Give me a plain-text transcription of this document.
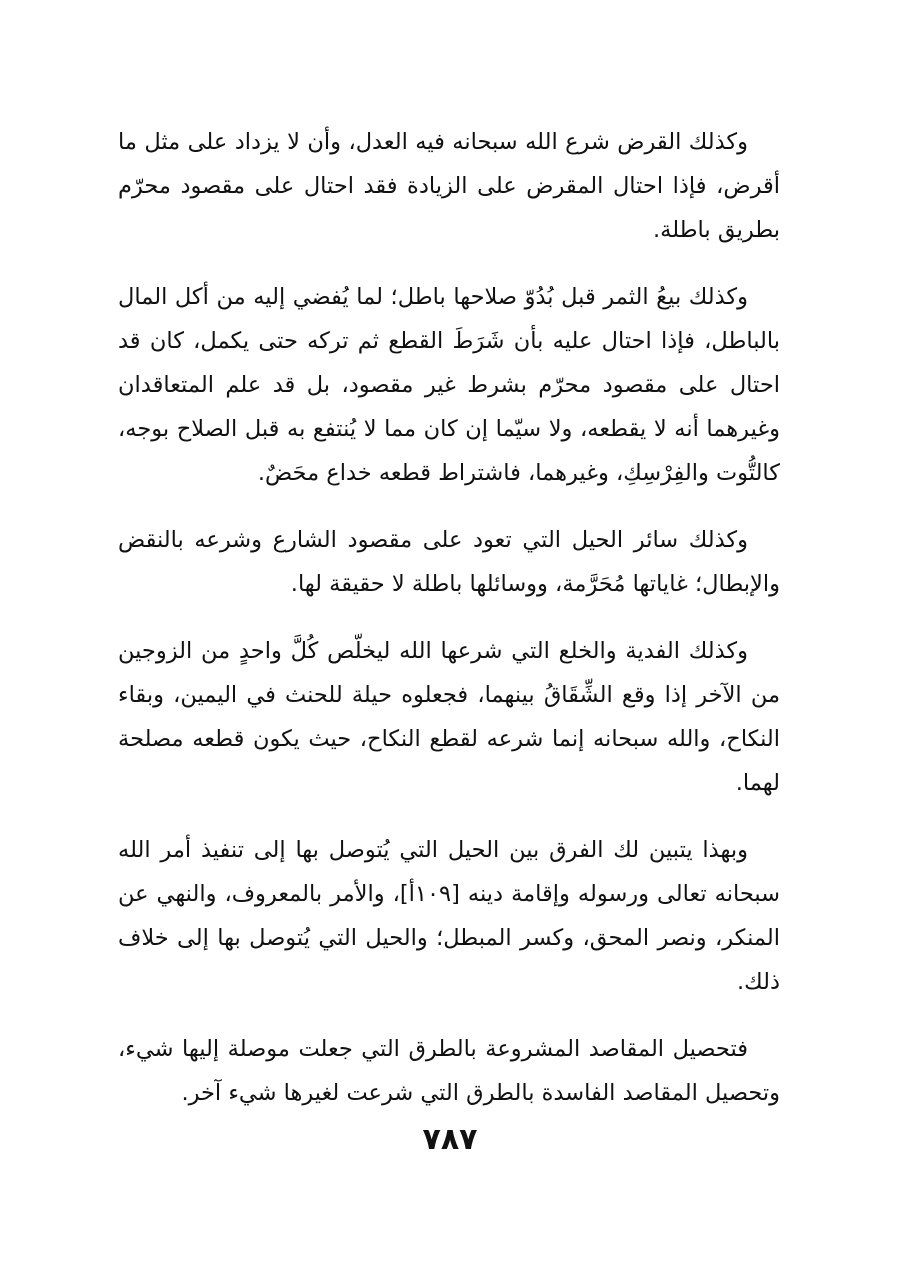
وكذلك القرض شرع الله سبحانه فيه العدل، وأن لا يزداد على مثل ما أقرض، فإذا احتال المقرض على الزيادة فقد احتال على مقصود محرّم بطريق باطلة.

وكذلك بيعُ الثمر قبل بُدُوّ صلاحها باطل؛ لما يُفضي إليه من أكل المال بالباطل، فإذا احتال عليه بأن شَرَطَ القطع ثم تركه حتى يكمل، كان قد احتال على مقصود محرّم بشرط غير مقصود، بل قد علم المتعاقدان وغيرهما أنه لا يقطعه، ولا سيّما إن كان مما لا يُنتفع به قبل الصلاح بوجه، كالتُّوت والفِرْسِكِ، وغيرهما، فاشتراط قطعه خداع محَضٌ.

وكذلك سائر الحيل التي تعود على مقصود الشارع وشرعه بالنقض والإبطال؛ غاياتها مُحَرَّمة، ووسائلها باطلة لا حقيقة لها.

وكذلك الفدية والخلع التي شرعها الله ليخلّص كُلَّ واحدٍ من الزوجين من الآخر إذا وقع الشِّقَاقُ بينهما، فجعلوه حيلة للحنث في اليمين، وبقاء النكاح، والله سبحانه إنما شرعه لقطع النكاح، حيث يكون قطعه مصلحة لهما.

وبهذا يتبين لك الفرق بين الحيل التي يُتوصل بها إلى تنفيذ أمر الله سبحانه تعالى ورسوله وإقامة دينه [١٠٩أ]، والأمر بالمعروف، والنهي عن المنكر، ونصر المحق، وكسر المبطل؛ والحيل التي يُتوصل بها إلى خلاف ذلك.

فتحصيل المقاصد المشروعة بالطرق التي جعلت موصلة إليها شيء، وتحصيل المقاصد الفاسدة بالطرق التي شرعت لغيرها شيء آخر.

٧٨٧
